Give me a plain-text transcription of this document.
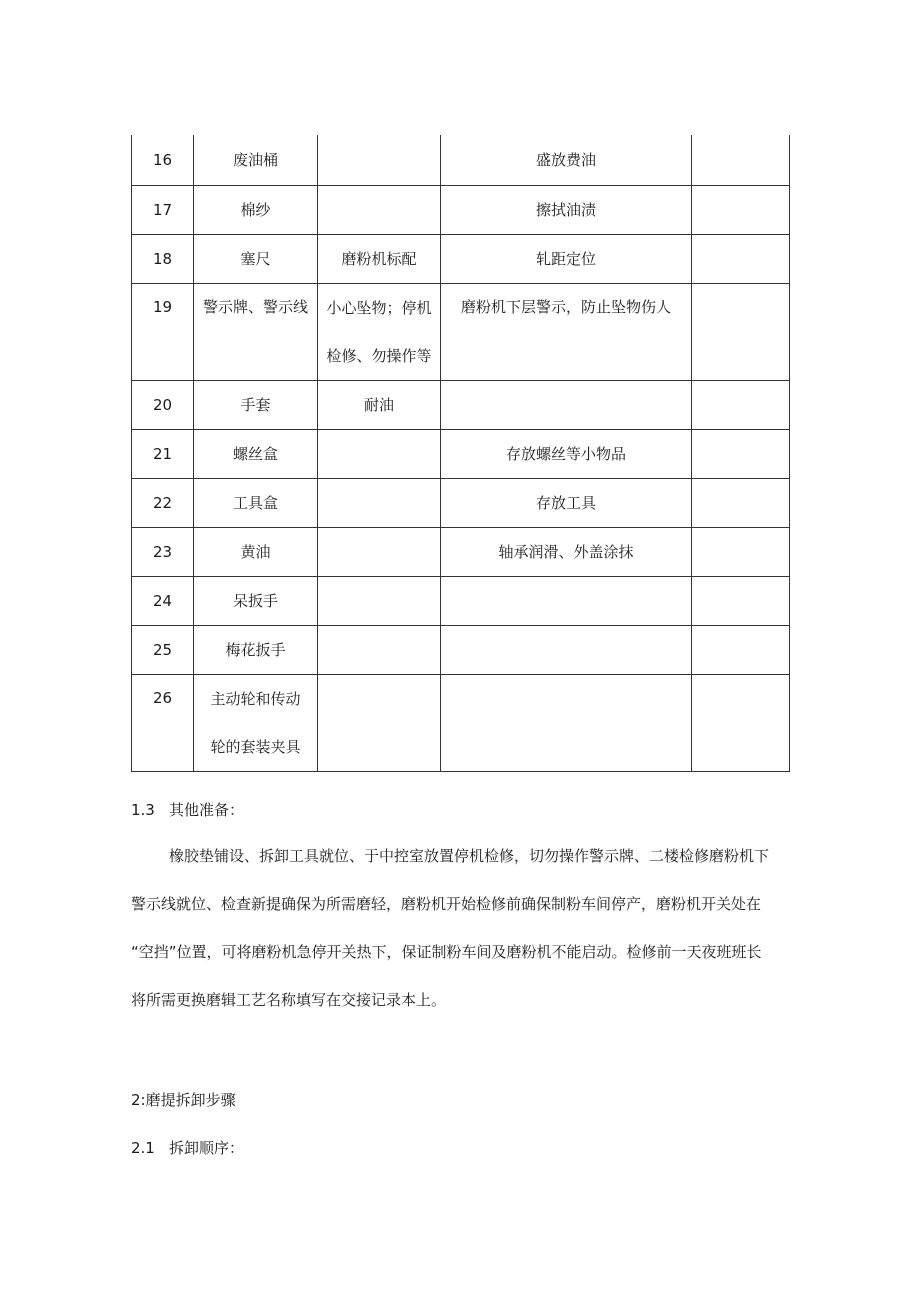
16	废油桶		盛放费油	
17	棉纱		擦拭油渍	
18	塞尺	磨粉机标配	轧距定位	
19	警示牌、警示线	小心坠物；停机
检修、勿操作等	磨粉机下层警示，防止坠物伤人	
20	手套	耐油		
21	螺丝盒		存放螺丝等小物品	
22	工具盒		存放工具	
23	黄油		轴承润滑、外盖涂抹	
24	呆扳手			
25	梅花扳手			
26	主动轮和传动
轮的套装夹具			

1.3 其他准备：
橡胶垫铺设、拆卸工具就位、于中控室放置停机检修，切勿操作警示牌、二楼检修磨粉机下
警示线就位、检查新提确保为所需磨轻，磨粉机开始检修前确保制粉车间停产，磨粉机开关处在
“空挡”位置，可将磨粉机急停开关热下，保证制粉车间及磨粉机不能启动。检修前一天夜班班长
将所需更换磨辑工艺名称填写在交接记录本上。
2:磨提拆卸步骤
2.1 拆卸顺序：
